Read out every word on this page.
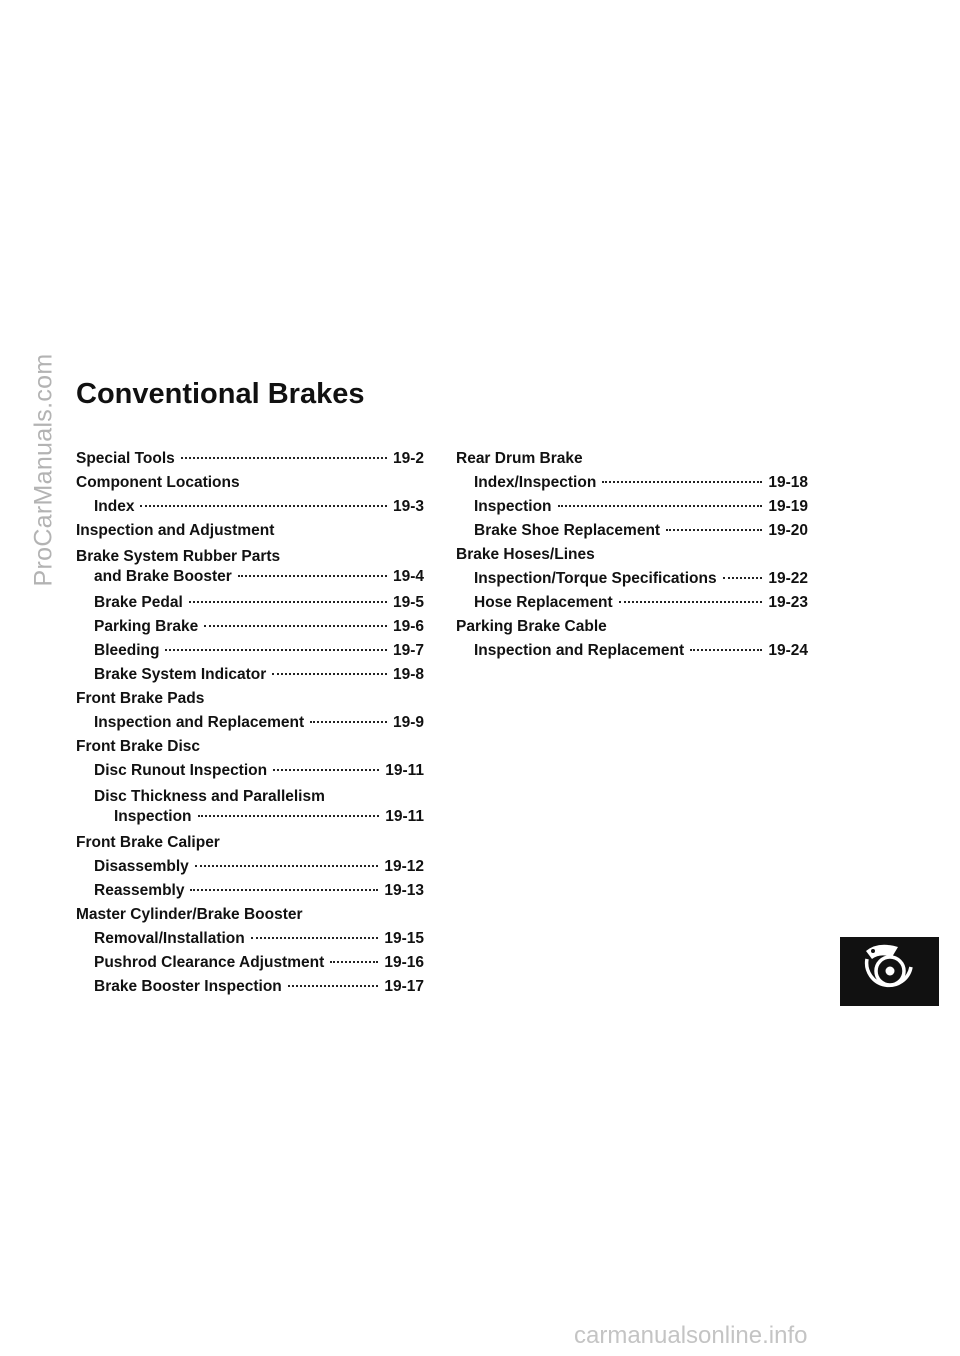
ProCarManuals.com Conventional Brakes
Special Tools	19-2
Component Locations
Index	19-3
Inspection and Adjustment
Brake System Rubber Parts
and Brake Booster	19-4
Brake Pedal	19-5
Parking Brake	19-6
Bleeding	19-7
Brake System Indicator	19-8
Front Brake Pads
Inspection and Replacement	19-9
Front Brake Disc
Disc Runout Inspection	19-11
Disc Thickness and Parallelism
Inspection	19-11
Front Brake Caliper
Disassembly	19-12
Reassembly	19-13
Master Cylinder/Brake Booster
Removal/Installation	19-15
Pushrod Clearance Adjustment	19-16
Brake Booster Inspection	19-17
Rear Drum Brake
Index/Inspection	19-18
Inspection	19-19
Brake Shoe Replacement	19-20
Brake Hoses/Lines
Inspection/Torque Specifications	19-22
Hose Replacement	19-23
Parking Brake Cable
Inspection and Replacement	19-24
carmanualsonline.info
